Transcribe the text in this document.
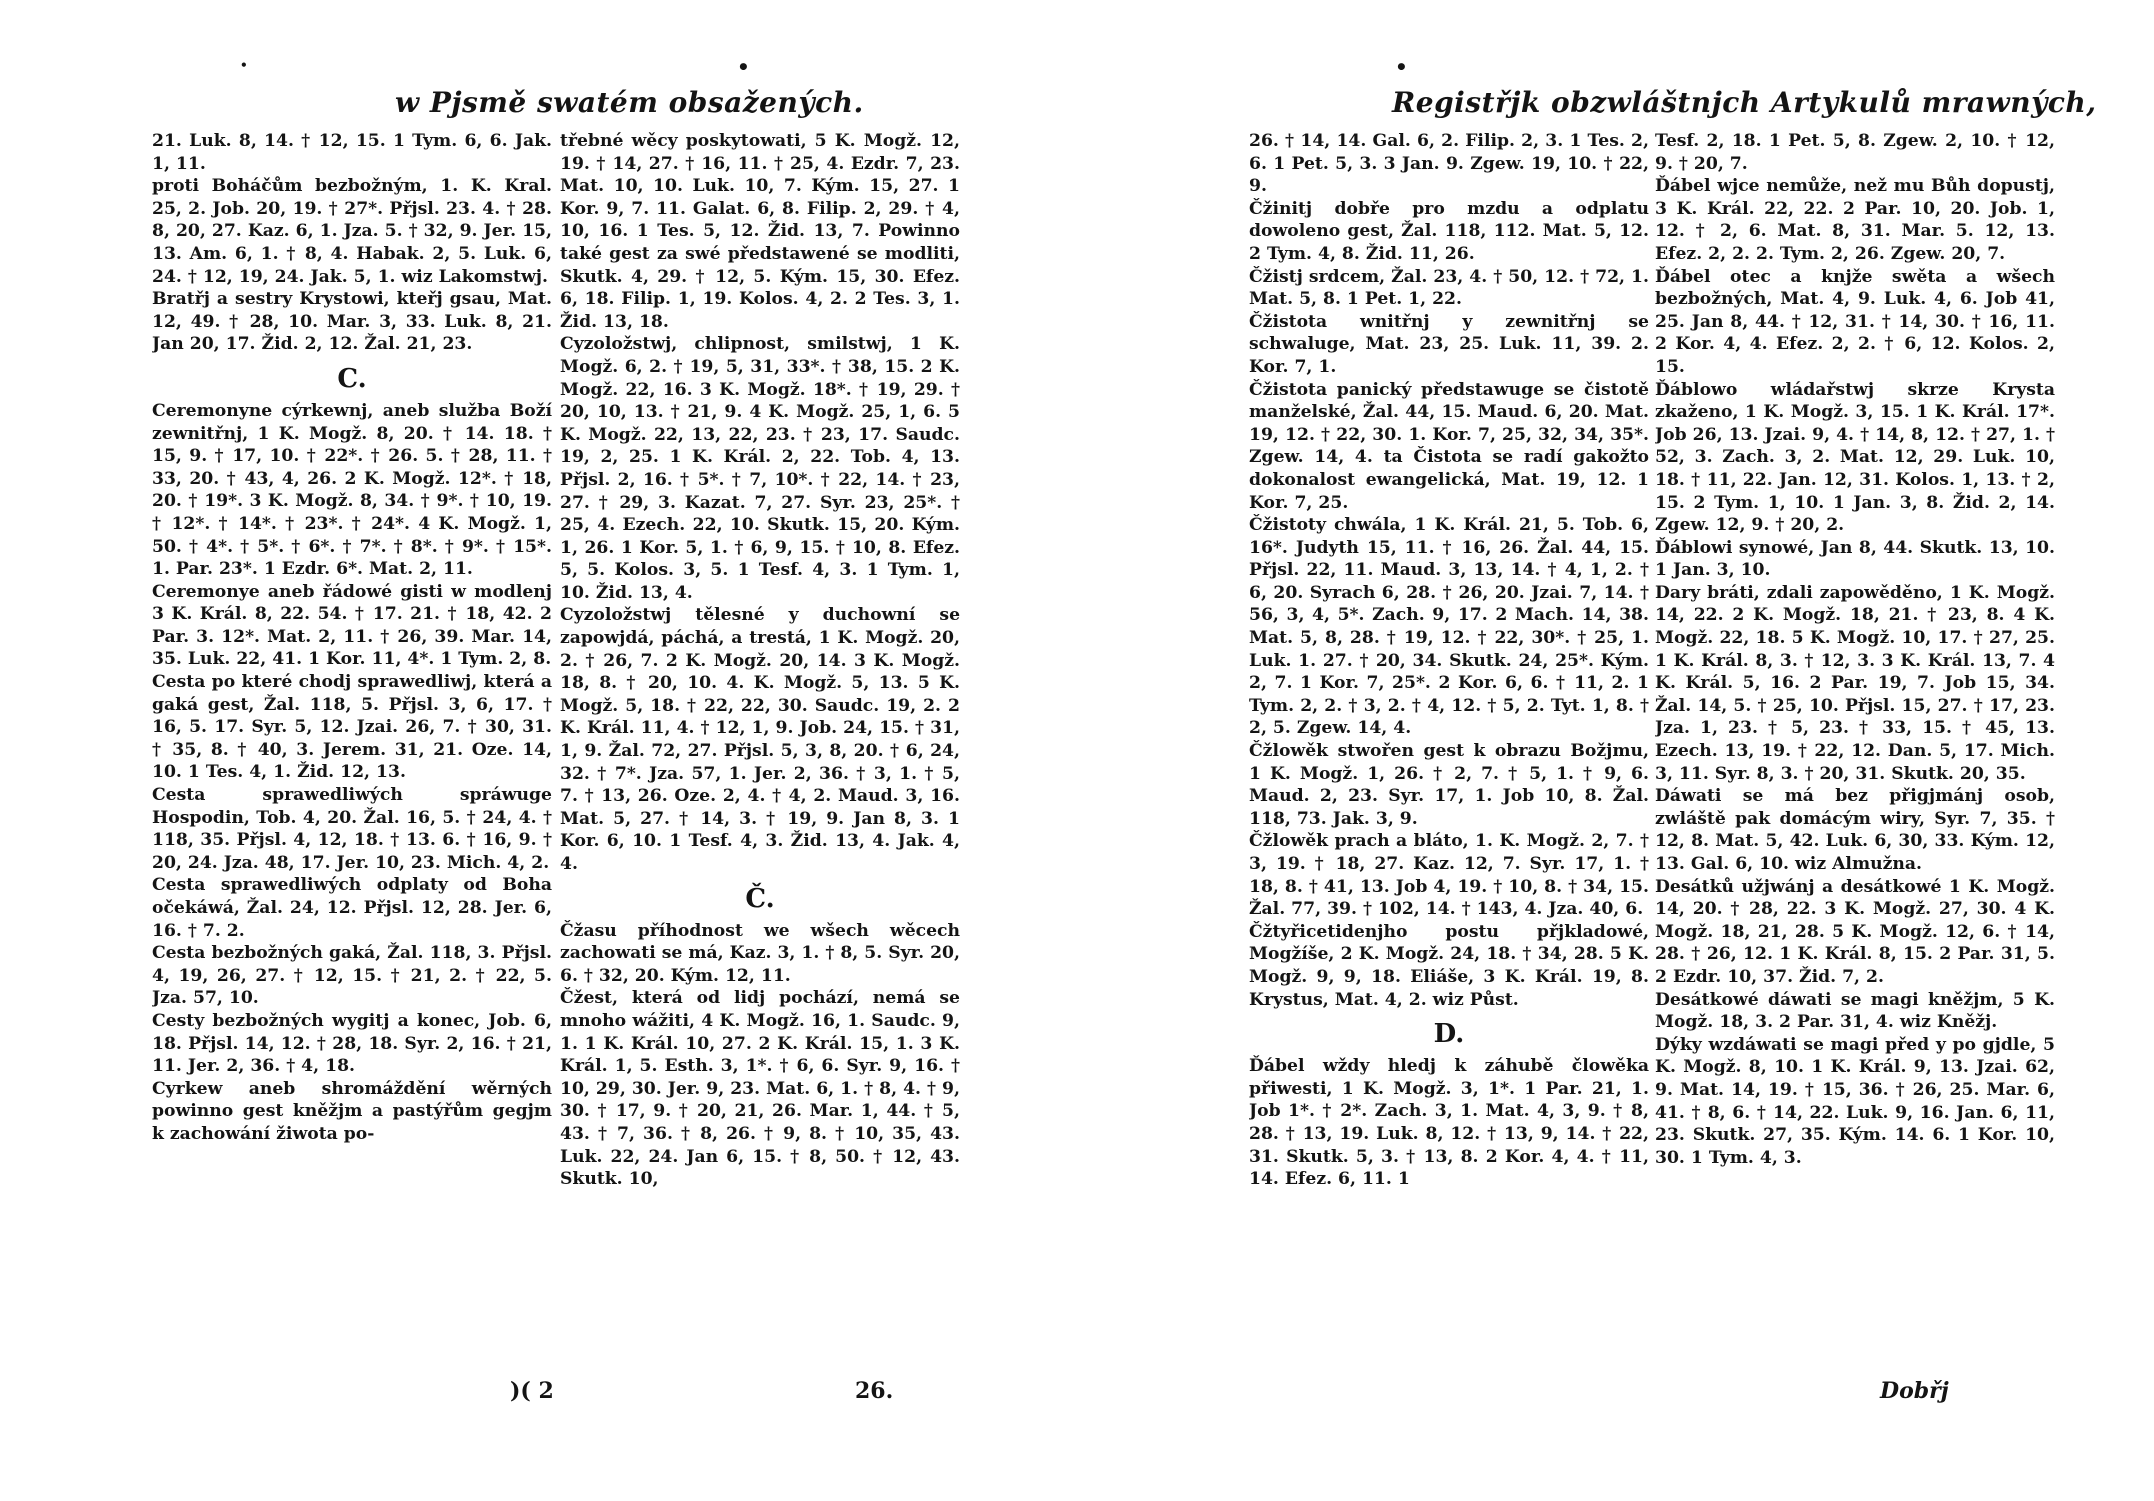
•	•
w Pjsmě swatém obsažených.

21. Luk. 8, 14. † 12, 15. 1 Tym. 6, 6. Jak. 1, 11.

proti Boháčům bezbožným, 1. K. Kral. 25, 2. Job. 20, 19. † 27*. Přjsl. 23. 4. † 28. 8, 20, 27. Kaz. 6, 1. Jza. 5. † 32, 9. Jer. 15, 13. Am. 6, 1. † 8, 4. Habak. 2, 5. Luk. 6, 24. † 12, 19, 24. Jak. 5, 1. wiz Lakomstwj.

Bratřj a sestry Krystowi, kteřj gsau, Mat. 12, 49. † 28, 10. Mar. 3, 33. Luk. 8, 21. Jan 20, 17. Žid. 2, 12. Žal. 21, 23.

C.

Ceremonyne cýrkewnj, aneb služba Boží zewnitřnj, 1 K. Mogž. 8, 20. † 14. 18. † 15, 9. † 17, 10. † 22*. † 26. 5. † 28, 11. † 33, 20. † 43, 4, 26. 2 K. Mogž. 12*. † 18, 20. † 19*. 3 K. Mogž. 8, 34. † 9*. † 10, 19. † 12*. † 14*. † 23*. † 24*. 4 K. Mogž. 1, 50. † 4*. † 5*. † 6*. † 7*. † 8*. † 9*. † 15*. 1. Par. 23*. 1 Ezdr. 6*. Mat. 2, 11.

Ceremonye aneb řádowé gisti w modlenj 3 K. Král. 8, 22. 54. † 17. 21. † 18, 42. 2 Par. 3. 12*. Mat. 2, 11. † 26, 39. Mar. 14, 35. Luk. 22, 41. 1 Kor. 11, 4*. 1 Tym. 2, 8.

Cesta po které chodj sprawedliwj, která a gaká gest, Žal. 118, 5. Přjsl. 3, 6, 17. † 16, 5. 17. Syr. 5, 12. Jzai. 26, 7. † 30, 31. † 35, 8. † 40, 3. Jerem. 31, 21. Oze. 14, 10. 1 Tes. 4, 1. Žid. 12, 13.

Cesta sprawedliwých spráwuge Hospodin, Tob. 4, 20. Žal. 16, 5. † 24, 4. † 118, 35. Přjsl. 4, 12, 18. † 13. 6. † 16, 9. † 20, 24. Jza. 48, 17. Jer. 10, 23. Mich. 4, 2.

Cesta sprawedliwých odplaty od Boha očekáwá, Žal. 24, 12. Přjsl. 12, 28. Jer. 6, 16. † 7. 2.

Cesta bezbožných gaká, Žal. 118, 3. Přjsl. 4, 19, 26, 27. † 12, 15. † 21, 2. † 22, 5. Jza. 57, 10.

Cesty bezbožných wygitj a konec, Job. 6, 18. Přjsl. 14, 12. † 28, 18. Syr. 2, 16. † 21, 11. Jer. 2, 36. † 4, 18.

Cyrkew aneb shromáždění wěrných powinno gest kněžjm a pastýřům gegjm k zachowání žiwota po-

třebné wěcy poskytowati, 5 K. Mogž. 12, 19. † 14, 27. † 16, 11. † 25, 4. Ezdr. 7, 23. Mat. 10, 10. Luk. 10, 7. Kým. 15, 27. 1 Kor. 9, 7. 11. Galat. 6, 8. Filip. 2, 29. † 4, 10, 16. 1 Tes. 5, 12. Žid. 13, 7. Powinno také gest za swé předstawené se modliti, Skutk. 4, 29. † 12, 5. Kým. 15, 30. Efez. 6, 18. Filip. 1, 19. Kolos. 4, 2. 2 Tes. 3, 1. Žid. 13, 18.

Cyzoložstwj, chlipnost, smilstwj, 1 K. Mogž. 6, 2. † 19, 5, 31, 33*. † 38, 15. 2 K. Mogž. 22, 16. 3 K. Mogž. 18*. † 19, 29. † 20, 10, 13. † 21, 9. 4 K. Mogž. 25, 1, 6. 5 K. Mogž. 22, 13, 22, 23. † 23, 17. Saudc. 19, 2, 25. 1 K. Král. 2, 22. Tob. 4, 13. Přjsl. 2, 16. † 5*. † 7, 10*. † 22, 14. † 23, 27. † 29, 3. Kazat. 7, 27. Syr. 23, 25*. † 25, 4. Ezech. 22, 10. Skutk. 15, 20. Kým. 1, 26. 1 Kor. 5, 1. † 6, 9, 15. † 10, 8. Efez. 5, 5. Kolos. 3, 5. 1 Tesf. 4, 3. 1 Tym. 1, 10. Žid. 13, 4.

Cyzoložstwj tělesné y duchowní se zapowjdá, páchá, a trestá, 1 K. Mogž. 20, 2. † 26, 7. 2 K. Mogž. 20, 14. 3 K. Mogž. 18, 8. † 20, 10. 4. K. Mogž. 5, 13. 5 K. Mogž. 5, 18. † 22, 22, 30. Saudc. 19, 2. 2 K. Král. 11, 4. † 12, 1, 9. Job. 24, 15. † 31, 1, 9. Žal. 72, 27. Přjsl. 5, 3, 8, 20. † 6, 24, 32. † 7*. Jza. 57, 1. Jer. 2, 36. † 3, 1. † 5, 7. † 13, 26. Oze. 2, 4. † 4, 2. Maud. 3, 16. Mat. 5, 27. † 14, 3. † 19, 9. Jan 8, 3. 1 Kor. 6, 10. 1 Tesf. 4, 3. Žid. 13, 4. Jak. 4, 4.

Č.

Čžasu příhodnost we wšech wěcech zachowati se má, Kaz. 3, 1. † 8, 5. Syr. 20, 6. † 32, 20. Kým. 12, 11.

Čžest, která od lidj pochází, nemá se mnoho wážiti, 4 K. Mogž. 16, 1. Saudc. 9, 1. 1 K. Král. 10, 27. 2 K. Král. 15, 1. 3 K. Král. 1, 5. Esth. 3, 1*. † 6, 6. Syr. 9, 16. † 10, 29, 30. Jer. 9, 23. Mat. 6, 1. † 8, 4. † 9, 30. † 17, 9. † 20, 21, 26. Mar. 1, 44. † 5, 43. † 7, 36. † 8, 26. † 9, 8. † 10, 35, 43. Luk. 22, 24. Jan 6, 15. † 8, 50. † 12, 43. Skutk. 10,

)( 2	26.
•
Registřjk obzwláštnjch Artykulů mrawných,

26. † 14, 14. Gal. 6, 2. Filip. 2, 3. 1 Tes. 2, 6. 1 Pet. 5, 3. 3 Jan. 9. Zgew. 19, 10. † 22, 9.

Čžinitj dobře pro mzdu a odplatu dowoleno gest, Žal. 118, 112. Mat. 5, 12. 2 Tym. 4, 8. Žid. 11, 26.

Čžistj srdcem, Žal. 23, 4. † 50, 12. † 72, 1. Mat. 5, 8. 1 Pet. 1, 22.

Čžistota wnitřnj y zewnitřnj se schwaluge, Mat. 23, 25. Luk. 11, 39. 2. Kor. 7, 1.

Čžistota panický předstawuge se čistotě manželské, Žal. 44, 15. Maud. 6, 20. Mat. 19, 12. † 22, 30. 1. Kor. 7, 25, 32, 34, 35*. Zgew. 14, 4. ta Čistota se radí gakožto dokonalost ewangelická, Mat. 19, 12. 1 Kor. 7, 25.

Čžistoty chwála, 1 K. Král. 21, 5. Tob. 6, 16*. Judyth 15, 11. † 16, 26. Žal. 44, 15. Přjsl. 22, 11. Maud. 3, 13, 14. † 4, 1, 2. † 6, 20. Syrach 6, 28. † 26, 20. Jzai. 7, 14. † 56, 3, 4, 5*. Zach. 9, 17. 2 Mach. 14, 38. Mat. 5, 8, 28. † 19, 12. † 22, 30*. † 25, 1. Luk. 1. 27. † 20, 34. Skutk. 24, 25*. Kým. 2, 7. 1 Kor. 7, 25*. 2 Kor. 6, 6. † 11, 2. 1 Tym. 2, 2. † 3, 2. † 4, 12. † 5, 2. Tyt. 1, 8. † 2, 5. Zgew. 14, 4.

Čžlowěk stwořen gest k obrazu Božjmu, 1 K. Mogž. 1, 26. † 2, 7. † 5, 1. † 9, 6. Maud. 2, 23. Syr. 17, 1. Job 10, 8. Žal. 118, 73. Jak. 3, 9.

Čžlowěk prach a bláto, 1. K. Mogž. 2, 7. † 3, 19. † 18, 27. Kaz. 12, 7. Syr. 17, 1. † 18, 8. † 41, 13. Job 4, 19. † 10, 8. † 34, 15. Žal. 77, 39. † 102, 14. † 143, 4. Jza. 40, 6.

Čžtyřicetidenjho postu přjkladowé, Mogžíše, 2 K. Mogž. 24, 18. † 34, 28. 5 K. Mogž. 9, 9, 18. Eliáše, 3 K. Král. 19, 8. Krystus, Mat. 4, 2. wiz Půst.

D.

Ďábel wždy hledj k záhubě člowěka přiwesti, 1 K. Mogž. 3, 1*. 1 Par. 21, 1. Job 1*. † 2*. Zach. 3, 1. Mat. 4, 3, 9. † 8, 28. † 13, 19. Luk. 8, 12. † 13, 9, 14. † 22, 31. Skutk. 5, 3. † 13, 8. 2 Kor. 4, 4. † 11, 14. Efez. 6, 11. 1

Tesf. 2, 18. 1 Pet. 5, 8. Zgew. 2, 10. † 12, 9. † 20, 7.

Ďábel wjce nemůže, než mu Bůh dopustj, 3 K. Král. 22, 22. 2 Par. 10, 20. Job. 1, 12. † 2, 6. Mat. 8, 31. Mar. 5. 12, 13. Efez. 2, 2. 2. Tym. 2, 26. Zgew. 20, 7.

Ďábel otec a knjže swěta a wšech bezbožných, Mat. 4, 9. Luk. 4, 6. Job 41, 25. Jan 8, 44. † 12, 31. † 14, 30. † 16, 11. 2 Kor. 4, 4. Efez. 2, 2. † 6, 12. Kolos. 2, 15.

Ďáblowo wládařstwj skrze Krysta zkaženo, 1 K. Mogž. 3, 15. 1 K. Král. 17*. Job 26, 13. Jzai. 9, 4. † 14, 8, 12. † 27, 1. † 52, 3. Zach. 3, 2. Mat. 12, 29. Luk. 10, 18. † 11, 22. Jan. 12, 31. Kolos. 1, 13. † 2, 15. 2 Tym. 1, 10. 1 Jan. 3, 8. Žid. 2, 14. Zgew. 12, 9. † 20, 2.

Ďáblowi synowé, Jan 8, 44. Skutk. 13, 10. 1 Jan. 3, 10.

Dary bráti, zdali zapowěděno, 1 K. Mogž. 14, 22. 2 K. Mogž. 18, 21. † 23, 8. 4 K. Mogž. 22, 18. 5 K. Mogž. 10, 17. † 27, 25. 1 K. Král. 8, 3. † 12, 3. 3 K. Král. 13, 7. 4 K. Král. 5, 16. 2 Par. 19, 7. Job 15, 34. Žal. 14, 5. † 25, 10. Přjsl. 15, 27. † 17, 23. Jza. 1, 23. † 5, 23. † 33, 15. † 45, 13. Ezech. 13, 19. † 22, 12. Dan. 5, 17. Mich. 3, 11. Syr. 8, 3. † 20, 31. Skutk. 20, 35.

Dáwati se má bez přigjmánj osob, zwláště pak domácým wiry, Syr. 7, 35. † 12, 8. Mat. 5, 42. Luk. 6, 30, 33. Kým. 12, 13. Gal. 6, 10. wiz Almužna.

Desátků užjwánj a desátkowé 1 K. Mogž. 14, 20. † 28, 22. 3 K. Mogž. 27, 30. 4 K. Mogž. 18, 21, 28. 5 K. Mogž. 12, 6. † 14, 28. † 26, 12. 1 K. Král. 8, 15. 2 Par. 31, 5. 2 Ezdr. 10, 37. Žid. 7, 2.

Desátkowé dáwati se magi kněžjm, 5 K. Mogž. 18, 3. 2 Par. 31, 4. wiz Kněžj.

Dýky wzdáwati se magi před y po gjdle, 5 K. Mogž. 8, 10. 1 K. Král. 9, 13. Jzai. 62, 9. Mat. 14, 19. † 15, 36. † 26, 25. Mar. 6, 41. † 8, 6. † 14, 22. Luk. 9, 16. Jan. 6, 11, 23. Skutk. 27, 35. Kým. 14. 6. 1 Kor. 10, 30. 1 Tym. 4, 3.

Dobřj
